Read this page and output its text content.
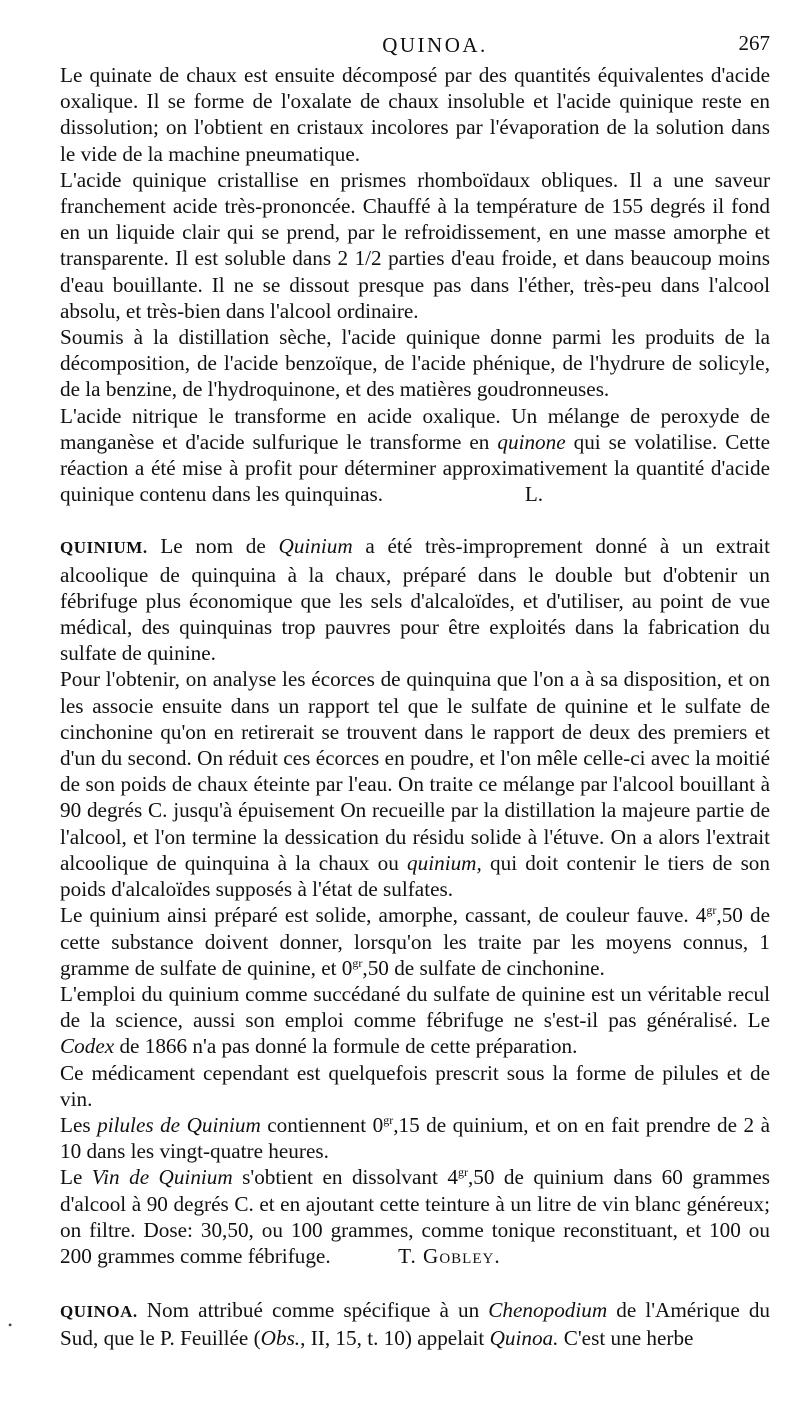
QUINOA.	267

Le quinate de chaux est ensuite décomposé par des quantités équivalentes d'acide oxalique. Il se forme de l'oxalate de chaux insoluble et l'acide quinique reste en dissolution; on l'obtient en cristaux incolores par l'évaporation de la solution dans le vide de la machine pneumatique.

L'acide quinique cristallise en prismes rhomboïdaux obliques. Il a une saveur franchement acide très-prononcée. Chauffé à la température de 155 degrés il fond en un liquide clair qui se prend, par le refroidissement, en une masse amorphe et transparente. Il est soluble dans 2 1/2 parties d'eau froide, et dans beaucoup moins d'eau bouillante. Il ne se dissout presque pas dans l'éther, très-peu dans l'alcool absolu, et très-bien dans l'alcool ordinaire.

Soumis à la distillation sèche, l'acide quinique donne parmi les produits de la décomposition, de l'acide benzoïque, de l'acide phénique, de l'hydrure de solicyle, de la benzine, de l'hydroquinone, et des matières goudronneuses.

L'acide nitrique le transforme en acide oxalique. Un mélange de peroxyde de manganèse et d'acide sulfurique le transforme en quinone qui se volatilise. Cette réaction a été mise à profit pour déterminer approximativement la quantité d'acide quinique contenu dans les quinquinas.	L.

QUINIUM. Le nom de Quinium a été très-improprement donné à un extrait alcoolique de quinquina à la chaux, préparé dans le double but d'obtenir un fébrifuge plus économique que les sels d'alcaloïdes, et d'utiliser, au point de vue médical, des quinquinas trop pauvres pour être exploités dans la fabrication du sulfate de quinine.

Pour l'obtenir, on analyse les écorces de quinquina que l'on a à sa disposition, et on les associe ensuite dans un rapport tel que le sulfate de quinine et le sulfate de cinchonine qu'on en retirerait se trouvent dans le rapport de deux des premiers et d'un du second. On réduit ces écorces en poudre, et l'on mêle celle-ci avec la moitié de son poids de chaux éteinte par l'eau. On traite ce mélange par l'alcool bouillant à 90 degrés C. jusqu'à épuisement On recueille par la distillation la majeure partie de l'alcool, et l'on termine la dessication du résidu solide à l'étuve. On a alors l'extrait alcoolique de quinquina à la chaux ou quinium, qui doit contenir le tiers de son poids d'alcaloïdes supposés à l'état de sulfates.

Le quinium ainsi préparé est solide, amorphe, cassant, de couleur fauve. $4^{gr},50$ de cette substance doivent donner, lorsqu'on les traite par les moyens connus, 1 gramme de sulfate de quinine, et $0^{gr},50$ de sulfate de cinchonine.

L'emploi du quinium comme succédané du sulfate de quinine est un véritable recul de la science, aussi son emploi comme fébrifuge ne s'est-il pas généralisé. Le Codex de 1866 n'a pas donné la formule de cette préparation.

Ce médicament cependant est quelquefois prescrit sous la forme de pilules et de vin.

Les pilules de Quinium contiennent $0^{gr},15$ de quinium, et on en fait prendre de 2 à 10 dans les vingt-quatre heures.

Le Vin de Quinium s'obtient en dissolvant $4^{gr},50$ de quinium dans 60 grammes d'alcool à 90 degrés C. et en ajoutant cette teinture à un litre de vin blanc généreux; on filtre. Dose: 30,50, ou 100 grammes, comme tonique reconstituant, et 100 ou 200 grammes comme fébrifuge.	T. Gobley.

QUINOA. Nom attribué comme spécifique à un Chenopodium de l'Amérique du Sud, que le P. Feuillée (Obs., II, 15, t. 10) appelait Quinoa. C'est une herbe

•
